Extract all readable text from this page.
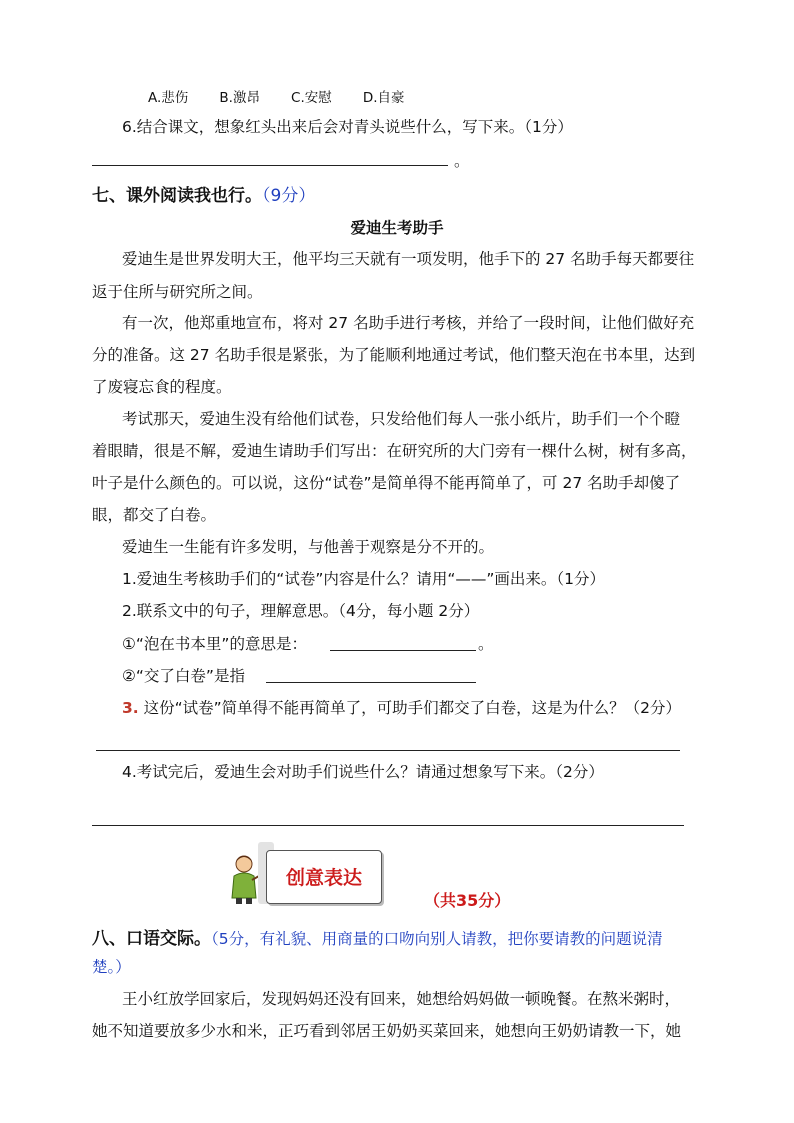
A.悲伤 B.激昂 C.安慰 D.自豪
6.结合课文，想象红头出来后会对青头说些什么，写下来。（1分）
。
七、课外阅读我也行。（9分）
爱迪生考助手
爱迪生是世界发明大王，他平均三天就有一项发明，他手下的 27 名助手每天都要往
返于住所与研究所之间。
有一次，他郑重地宣布，将对 27 名助手进行考核，并给了一段时间，让他们做好充
分的准备。这 27 名助手很是紧张，为了能顺利地通过考试，他们整天泡在书本里，达到
了废寝忘食的程度。
考试那天，爱迪生没有给他们试卷，只发给他们每人一张小纸片，助手们一个个瞪
着眼睛，很是不解，爱迪生请助手们写出：在研究所的大门旁有一棵什么树，树有多高，
叶子是什么颜色的。可以说，这份“试卷”是简单得不能再简单了，可 27 名助手却傻了
眼，都交了白卷。
爱迪生一生能有许多发明，与他善于观察是分不开的。
1.爱迪生考核助手们的“试卷”内容是什么？请用“——”画出来。（1分）
2.联系文中的句子，理解意思。（4分，每小题 2分）
①“泡在书本里”的意思是：	。
②“交了白卷”是指
3. 这份“试卷”简单得不能再简单了，可助手们都交了白卷，这是为什么？（2分）
4.考试完后，爱迪生会对助手们说些什么？请通过想象写下来。（2分）
创意表达
（共35分）
八、口语交际。（5分，有礼貌、用商量的口吻向别人请教，把你要请教的问题说清
楚。）
王小红放学回家后，发现妈妈还没有回来，她想给妈妈做一顿晚餐。在熬米粥时，
她不知道要放多少水和米，正巧看到邻居王奶奶买菜回来，她想向王奶奶请教一下，她
